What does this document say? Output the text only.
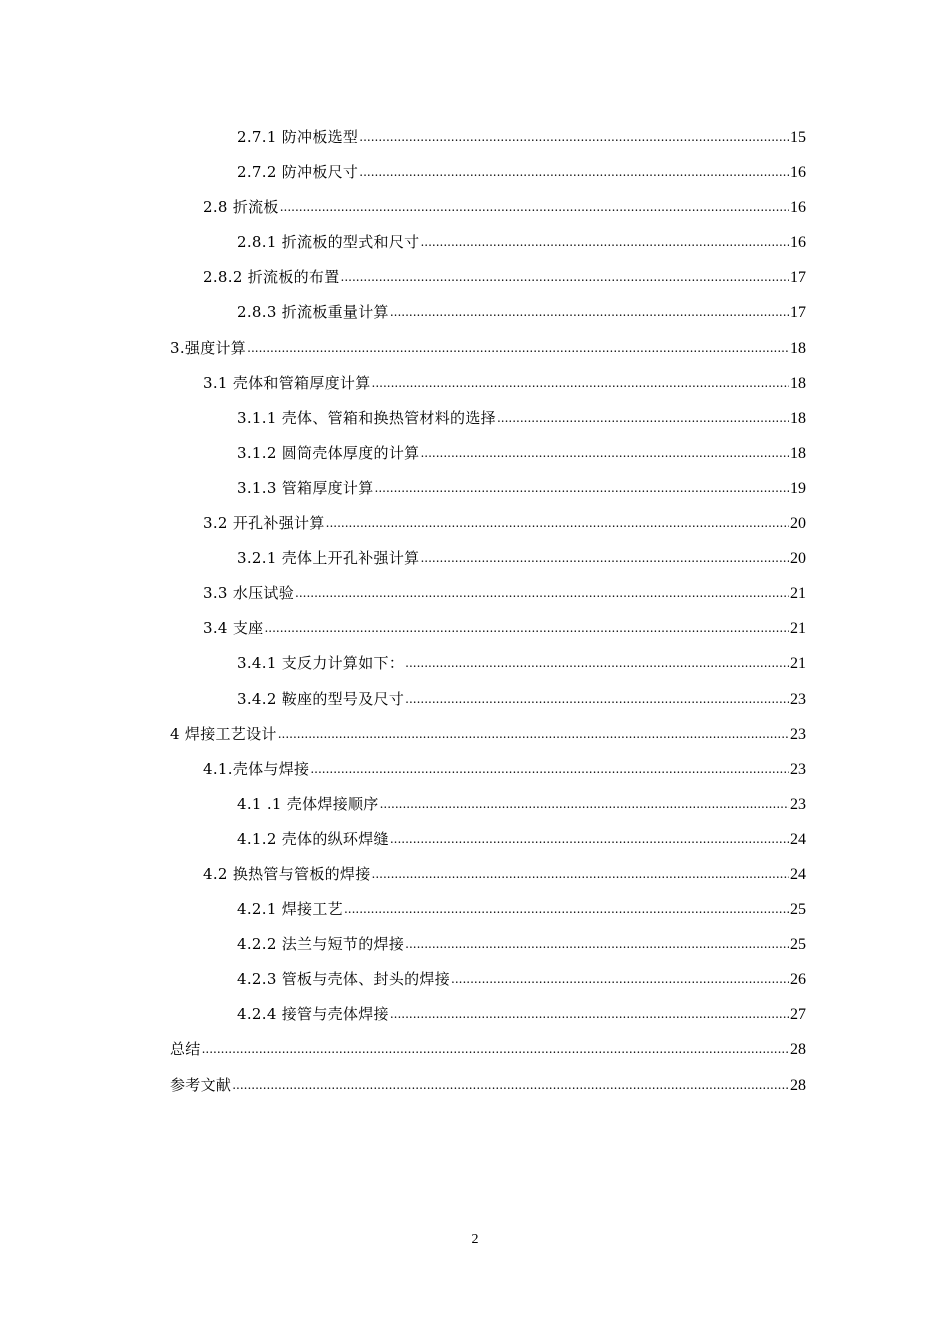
2.7.1 防冲板选型 .....	15
2.7.2 防冲板尺寸 .....	16
2.8 折流板 .....	16
2.8.1 折流板的型式和尺寸 .....	16
2.8.2 折流板的布置 .....	17
2.8.3 折流板重量计算 .....	17
3.强度计算 .....	18
3.1 壳体和管箱厚度计算 .....	18
3.1.1 壳体、管箱和换热管材料的选择 .....	18
3.1.2 圆筒壳体厚度的计算 .....	18
3.1.3 管箱厚度计算 .....	19
3.2 开孔补强计算 .....	20
3.2.1 壳体上开孔补强计算 .....	20
3.3 水压试验 .....	21
3.4 支座 .....	21
3.4.1 支反力计算如下： .....	21
3.4.2 鞍座的型号及尺寸 .....	23
4 焊接工艺设计 .....	23
4.1.壳体与焊接 .....	23
4.1 .1 壳体焊接顺序 .....	23
4.1.2 壳体的纵环焊缝 .....	24
4.2 换热管与管板的焊接 .....	24
4.2.1 焊接工艺 .....	25
4.2.2 法兰与短节的焊接 .....	25
4.2.3 管板与壳体、封头的焊接 .....	26
4.2.4 接管与壳体焊接 .....	27
总结 .....	28
参考文献 .....	28
2
